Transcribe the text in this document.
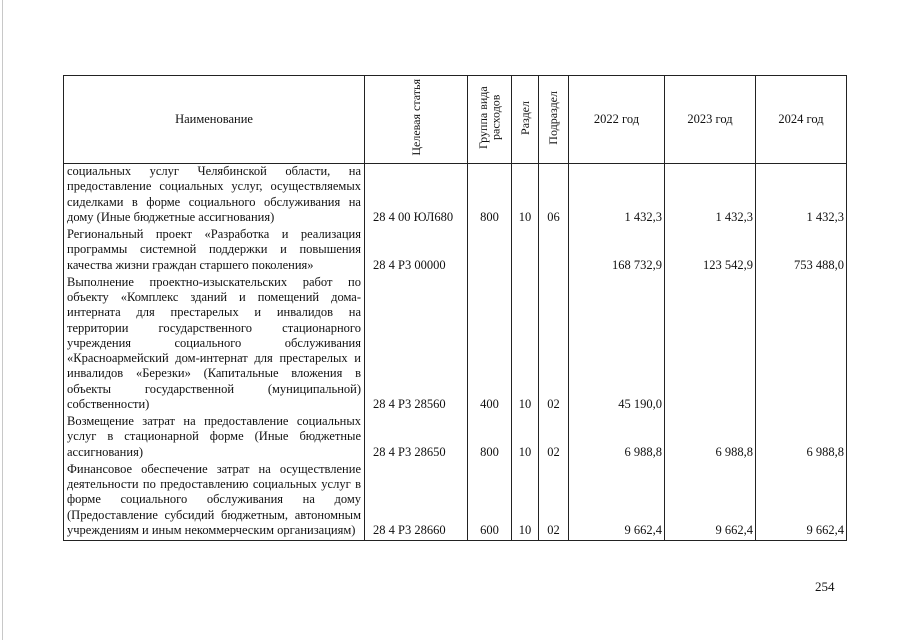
Наименование	Целевая статья	Группа вида расходов	Раздел	Подраздел	2022 год	2023 год	2024 год
социальных услуг Челябинской области, на предоставление социальных услуг, осуществляемых сиделками в форме социального обслуживания на дому (Иные бюджетные ассигнования)	28 4 00 ЮЛ680	800	10	06	1 432,3	1 432,3	1 432,3
Региональный проект «Разработка и реализация программы системной поддержки и повышения качества жизни граждан старшего поколения»	28 4 P3 00000				168 732,9	123 542,9	753 488,0
Выполнение проектно-изыскательских работ по объекту «Комплекс зданий и помещений дома-интерната для престарелых и инвалидов на территории государственного стационарного учреждения социального обслуживания «Красноармейский дом-интернат для престарелых и инвалидов «Березки» (Капитальные вложения в объекты государственной (муниципальной) собственности)	28 4 P3 28560	400	10	02	45 190,0		
Возмещение затрат на предоставление социальных услуг в стационарной форме (Иные бюджетные ассигнования)	28 4 P3 28650	800	10	02	6 988,8	6 988,8	6 988,8
Финансовое обеспечение затрат на осуществление деятельности по предоставлению социальных услуг в форме социального обслуживания на дому (Предоставление субсидий бюджетным, автономным учреждениям и иным некоммерческим организациям)	28 4 P3 28660	600	10	02	9 662,4	9 662,4	9 662,4
254
